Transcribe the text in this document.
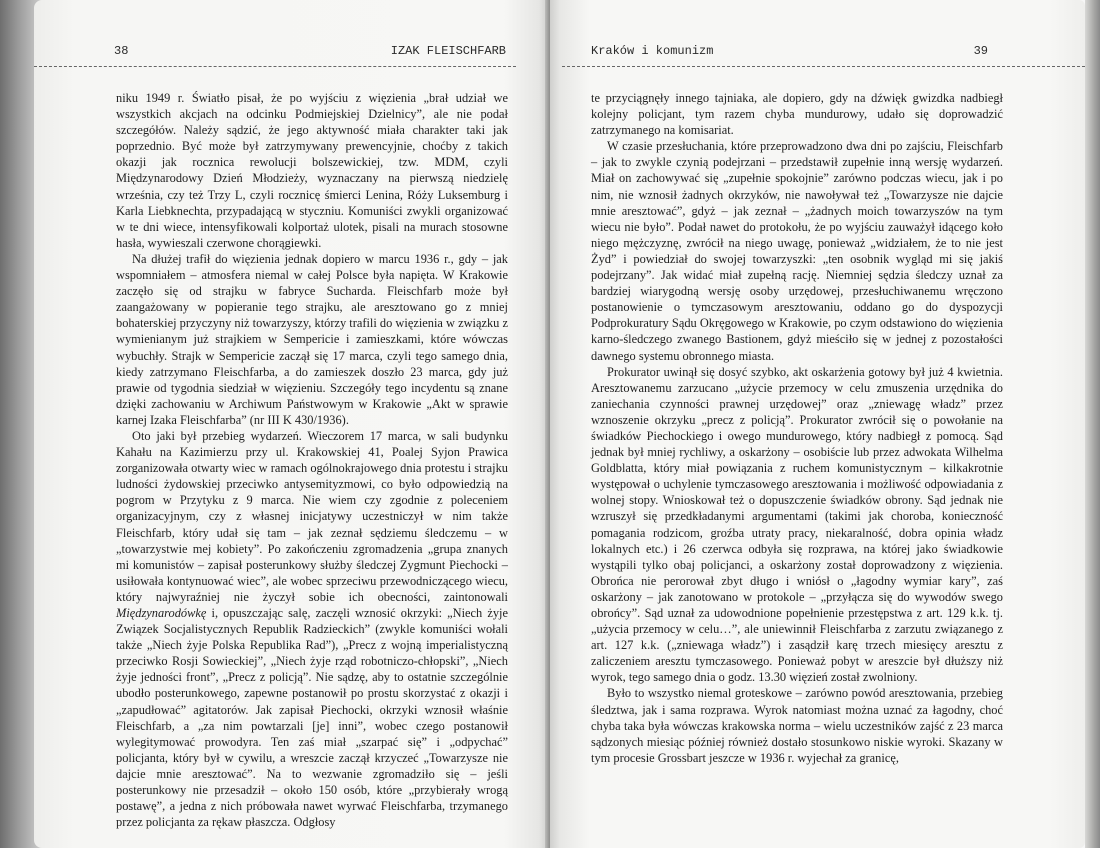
38	IZAK FLEISCHFARB

niku 1949 r. Światło pisał, że po wyjściu z więzienia „brał udział we wszystkich akcjach na odcinku Podmiejskiej Dzielnicy”, ale nie podał szczegółów. Należy sądzić, że jego aktywność miała charakter taki jak poprzednio. Być może był zatrzymywany prewencyjnie, choćby z takich okazji jak rocznica rewolucji bolszewickiej, tzw. MDM, czyli Międzynarodowy Dzień Młodzieży, wyznaczany na pierwszą niedzielę września, czy też Trzy L, czyli rocznicę śmierci Lenina, Róży Luksemburg i Karla Liebknechta, przypadającą w styczniu. Komuniści zwykli organizować w te dni wiece, intensyfikowali kolportaż ulotek, pisali na murach stosowne hasła, wywieszali czerwone chorągiewki.

Na dłużej trafił do więzienia jednak dopiero w marcu 1936 r., gdy – jak wspomniałem – atmosfera niemal w całej Polsce była napięta. W Krakowie zaczęło się od strajku w fabryce Sucharda. Fleischfarb może był zaangażowany w popieranie tego strajku, ale aresztowano go z mniej bohaterskiej przyczyny niż towarzyszy, którzy trafili do więzienia w związku z wymienianym już strajkiem w Sempericie i zamieszkami, które wówczas wybuchły. Strajk w Sempericie zaczął się 17 marca, czyli tego samego dnia, kiedy zatrzymano Fleischfarba, a do zamieszek doszło 23 marca, gdy już prawie od tygodnia siedział w więzieniu. Szczegóły tego incydentu są znane dzięki zachowaniu w Archiwum Państwowym w Krakowie „Akt w sprawie karnej Izaka Fleischfarba” (nr III K 430/1936).

Oto jaki był przebieg wydarzeń. Wieczorem 17 marca, w sali budynku Kahału na Kazimierzu przy ul. Krakowskiej 41, Poalej Syjon Prawica zorganizowała otwarty wiec w ramach ogólnokrajowego dnia protestu i strajku ludności żydowskiej przeciwko antysemityzmowi, co było odpowiedzią na pogrom w Przytyku z 9 marca. Nie wiem czy zgodnie z poleceniem organizacyjnym, czy z własnej inicjatywy uczestniczył w nim także Fleischfarb, który udał się tam – jak zeznał sędziemu śledczemu – w „towarzystwie mej kobiety”. Po zakończeniu zgromadzenia „grupa znanych mi komunistów – zapisał posterunkowy służby śledczej Zygmunt Piechocki – usiłowała kontynuować wiec”, ale wobec sprzeciwu przewodniczącego wiecu, który najwyraźniej nie życzył sobie ich obecności, zaintonowali Międzynarodówkę i, opuszczając salę, zaczęli wznosić okrzyki: „Niech żyje Związek Socjalistycznych Republik Radzieckich” (zwykle komuniści wołali także „Niech żyje Polska Republika Rad”), „Precz z wojną imperialistyczną przeciwko Rosji Sowieckiej”, „Niech żyje rząd robotniczo-chłopski”, „Niech żyje jedności front”, „Precz z policją”. Nie sądzę, aby to ostatnie szczególnie ubodło posterunkowego, zapewne postanowił po prostu skorzystać z okazji i „zapudłować” agitatorów. Jak zapisał Piechocki, okrzyki wznosił właśnie Fleischfarb, a „za nim powtarzali [je] inni”, wobec czego postanowił wylegitymować prowodyra. Ten zaś miał „szarpać się” i „odpychać” policjanta, który był w cywilu, a wreszcie zaczął krzyczeć „Towarzysze nie dajcie mnie aresztować”. Na to wezwanie zgromadziło się – jeśli posterunkowy nie przesadził – około 150 osób, które „przybierały wrogą postawę”, a jedna z nich próbowała nawet wyrwać Fleischfarba, trzymanego przez policjanta za rękaw płaszcza. Odgłosy

Kraków i komunizm	39

te przyciągnęły innego tajniaka, ale dopiero, gdy na dźwięk gwizdka nadbiegł kolejny policjant, tym razem chyba mundurowy, udało się doprowadzić zatrzymanego na komisariat.

W czasie przesłuchania, które przeprowadzono dwa dni po zajściu, Fleischfarb – jak to zwykle czynią podejrzani – przedstawił zupełnie inną wersję wydarzeń. Miał on zachowywać się „zupełnie spokojnie” zarówno podczas wiecu, jak i po nim, nie wznosił żadnych okrzyków, nie nawoływał też „Towarzysze nie dajcie mnie aresztować”, gdyż – jak zeznał – „żadnych moich towarzyszów na tym wiecu nie było”. Podał nawet do protokołu, że po wyjściu zauważył idącego koło niego mężczyznę, zwrócił na niego uwagę, ponieważ „widziałem, że to nie jest Żyd” i powiedział do swojej towarzyszki: „ten osobnik wygląd mi się jakiś podejrzany”. Jak widać miał zupełną rację. Niemniej sędzia śledczy uznał za bardziej wiarygodną wersję osoby urzędowej, przesłuchiwanemu wręczono postanowienie o tymczasowym aresztowaniu, oddano go do dyspozycji Podprokuratury Sądu Okręgowego w Krakowie, po czym odstawiono do więzienia karno-śledczego zwanego Bastionem, gdyż mieściło się w jednej z pozostałości dawnego systemu obronnego miasta.

Prokurator uwinął się dosyć szybko, akt oskarżenia gotowy był już 4 kwietnia. Aresztowanemu zarzucano „użycie przemocy w celu zmuszenia urzędnika do zaniechania czynności prawnej urzędowej” oraz „zniewagę władz” przez wznoszenie okrzyku „precz z policją”. Prokurator zwrócił się o powołanie na świadków Piechockiego i owego mundurowego, który nadbiegł z pomocą. Sąd jednak był mniej rychliwy, a oskarżony – osobiście lub przez adwokata Wilhelma Goldblatta, który miał powiązania z ruchem komunistycznym – kilkakrotnie występował o uchylenie tymczasowego aresztowania i możliwość odpowiadania z wolnej stopy. Wnioskował też o dopuszczenie świadków obrony. Sąd jednak nie wzruszył się przedkładanymi argumentami (takimi jak choroba, konieczność pomagania rodzicom, groźba utraty pracy, niekaralność, dobra opinia władz lokalnych etc.) i 26 czerwca odbyła się rozprawa, na której jako świadkowie wystąpili tylko obaj policjanci, a oskarżony został doprowadzony z więzienia. Obrońca nie perorował zbyt długo i wniósł o „łagodny wymiar kary”, zaś oskarżony – jak zanotowano w protokole – „przyłącza się do wywodów swego obrońcy”. Sąd uznał za udowodnione popełnienie przestępstwa z art. 129 k.k. tj. „użycia przemocy w celu…”, ale uniewinnił Fleischfarba z zarzutu związanego z art. 127 k.k. („zniewaga władz”) i zasądził karę trzech miesięcy aresztu z zaliczeniem aresztu tymczasowego. Ponieważ pobyt w areszcie był dłuższy niż wyrok, tego samego dnia o godz. 13.30 więzień został zwolniony.

Było to wszystko niemal groteskowe – zarówno powód aresztowania, przebieg śledztwa, jak i sama rozprawa. Wyrok natomiast można uznać za łagodny, choć chyba taka była wówczas krakowska norma – wielu uczestników zajść z 23 marca sądzonych miesiąc później również dostało stosunkowo niskie wyroki. Skazany w tym procesie Grossbart jeszcze w 1936 r. wyjechał za granicę,
